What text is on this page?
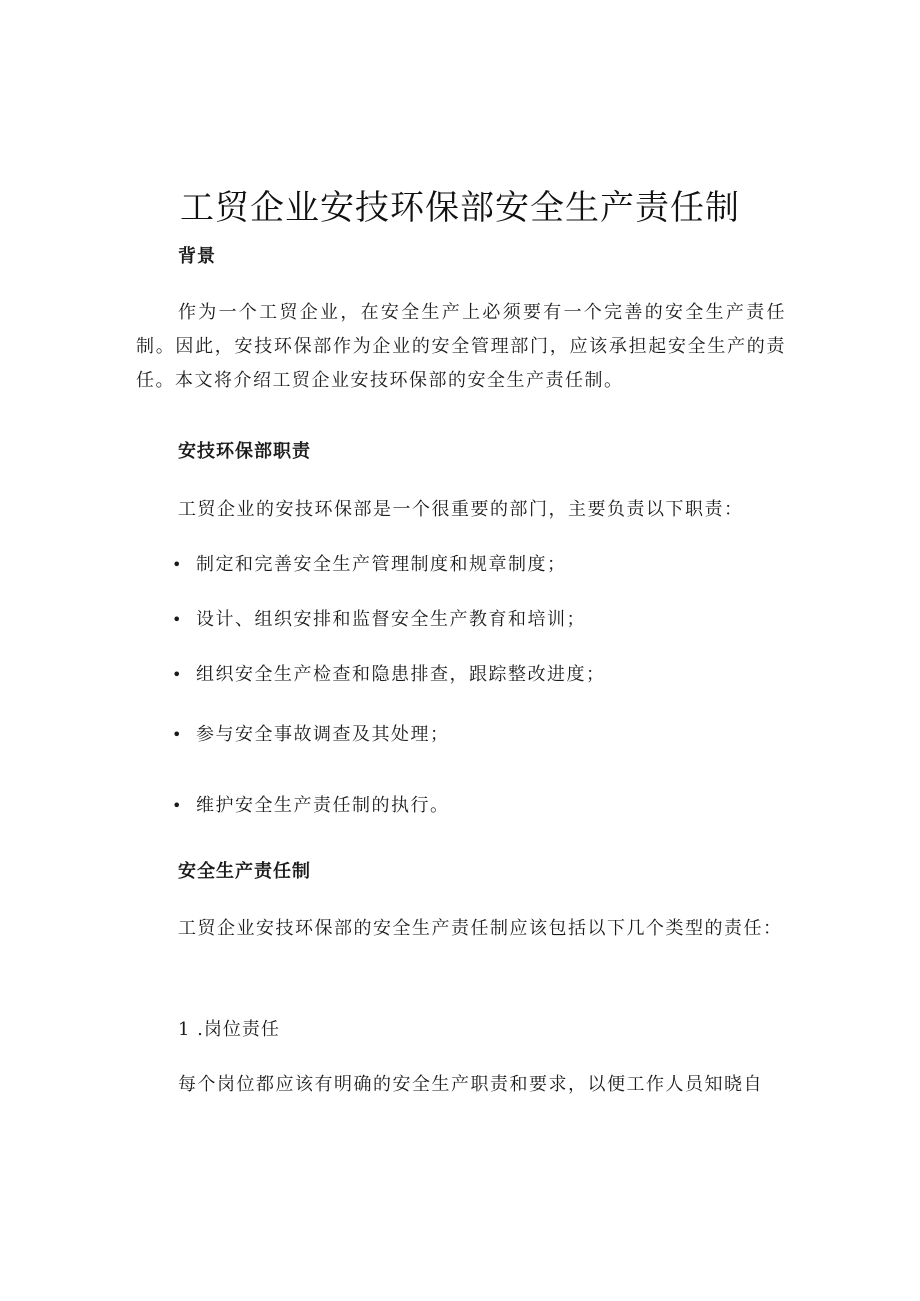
工贸企业安技环保部安全生产责任制
背景

作为一个工贸企业，在安全生产上必须要有一个完善的安全生产责任制。因此，安技环保部作为企业的安全管理部门，应该承担起安全生产的责任。本文将介绍工贸企业安技环保部的安全生产责任制。

安技环保部职责

工贸企业的安技环保部是一个很重要的部门，主要负责以下职责：

• 制定和完善安全生产管理制度和规章制度；
• 设计、组织安排和监督安全生产教育和培训；
• 组织安全生产检查和隐患排查，跟踪整改进度；
• 参与安全事故调查及其处理；
• 维护安全生产责任制的执行。
安全生产责任制

工贸企业安技环保部的安全生产责任制应该包括以下几个类型的责任：

1 .岗位责任

每个岗位都应该有明确的安全生产职责和要求，以便工作人员知晓自
